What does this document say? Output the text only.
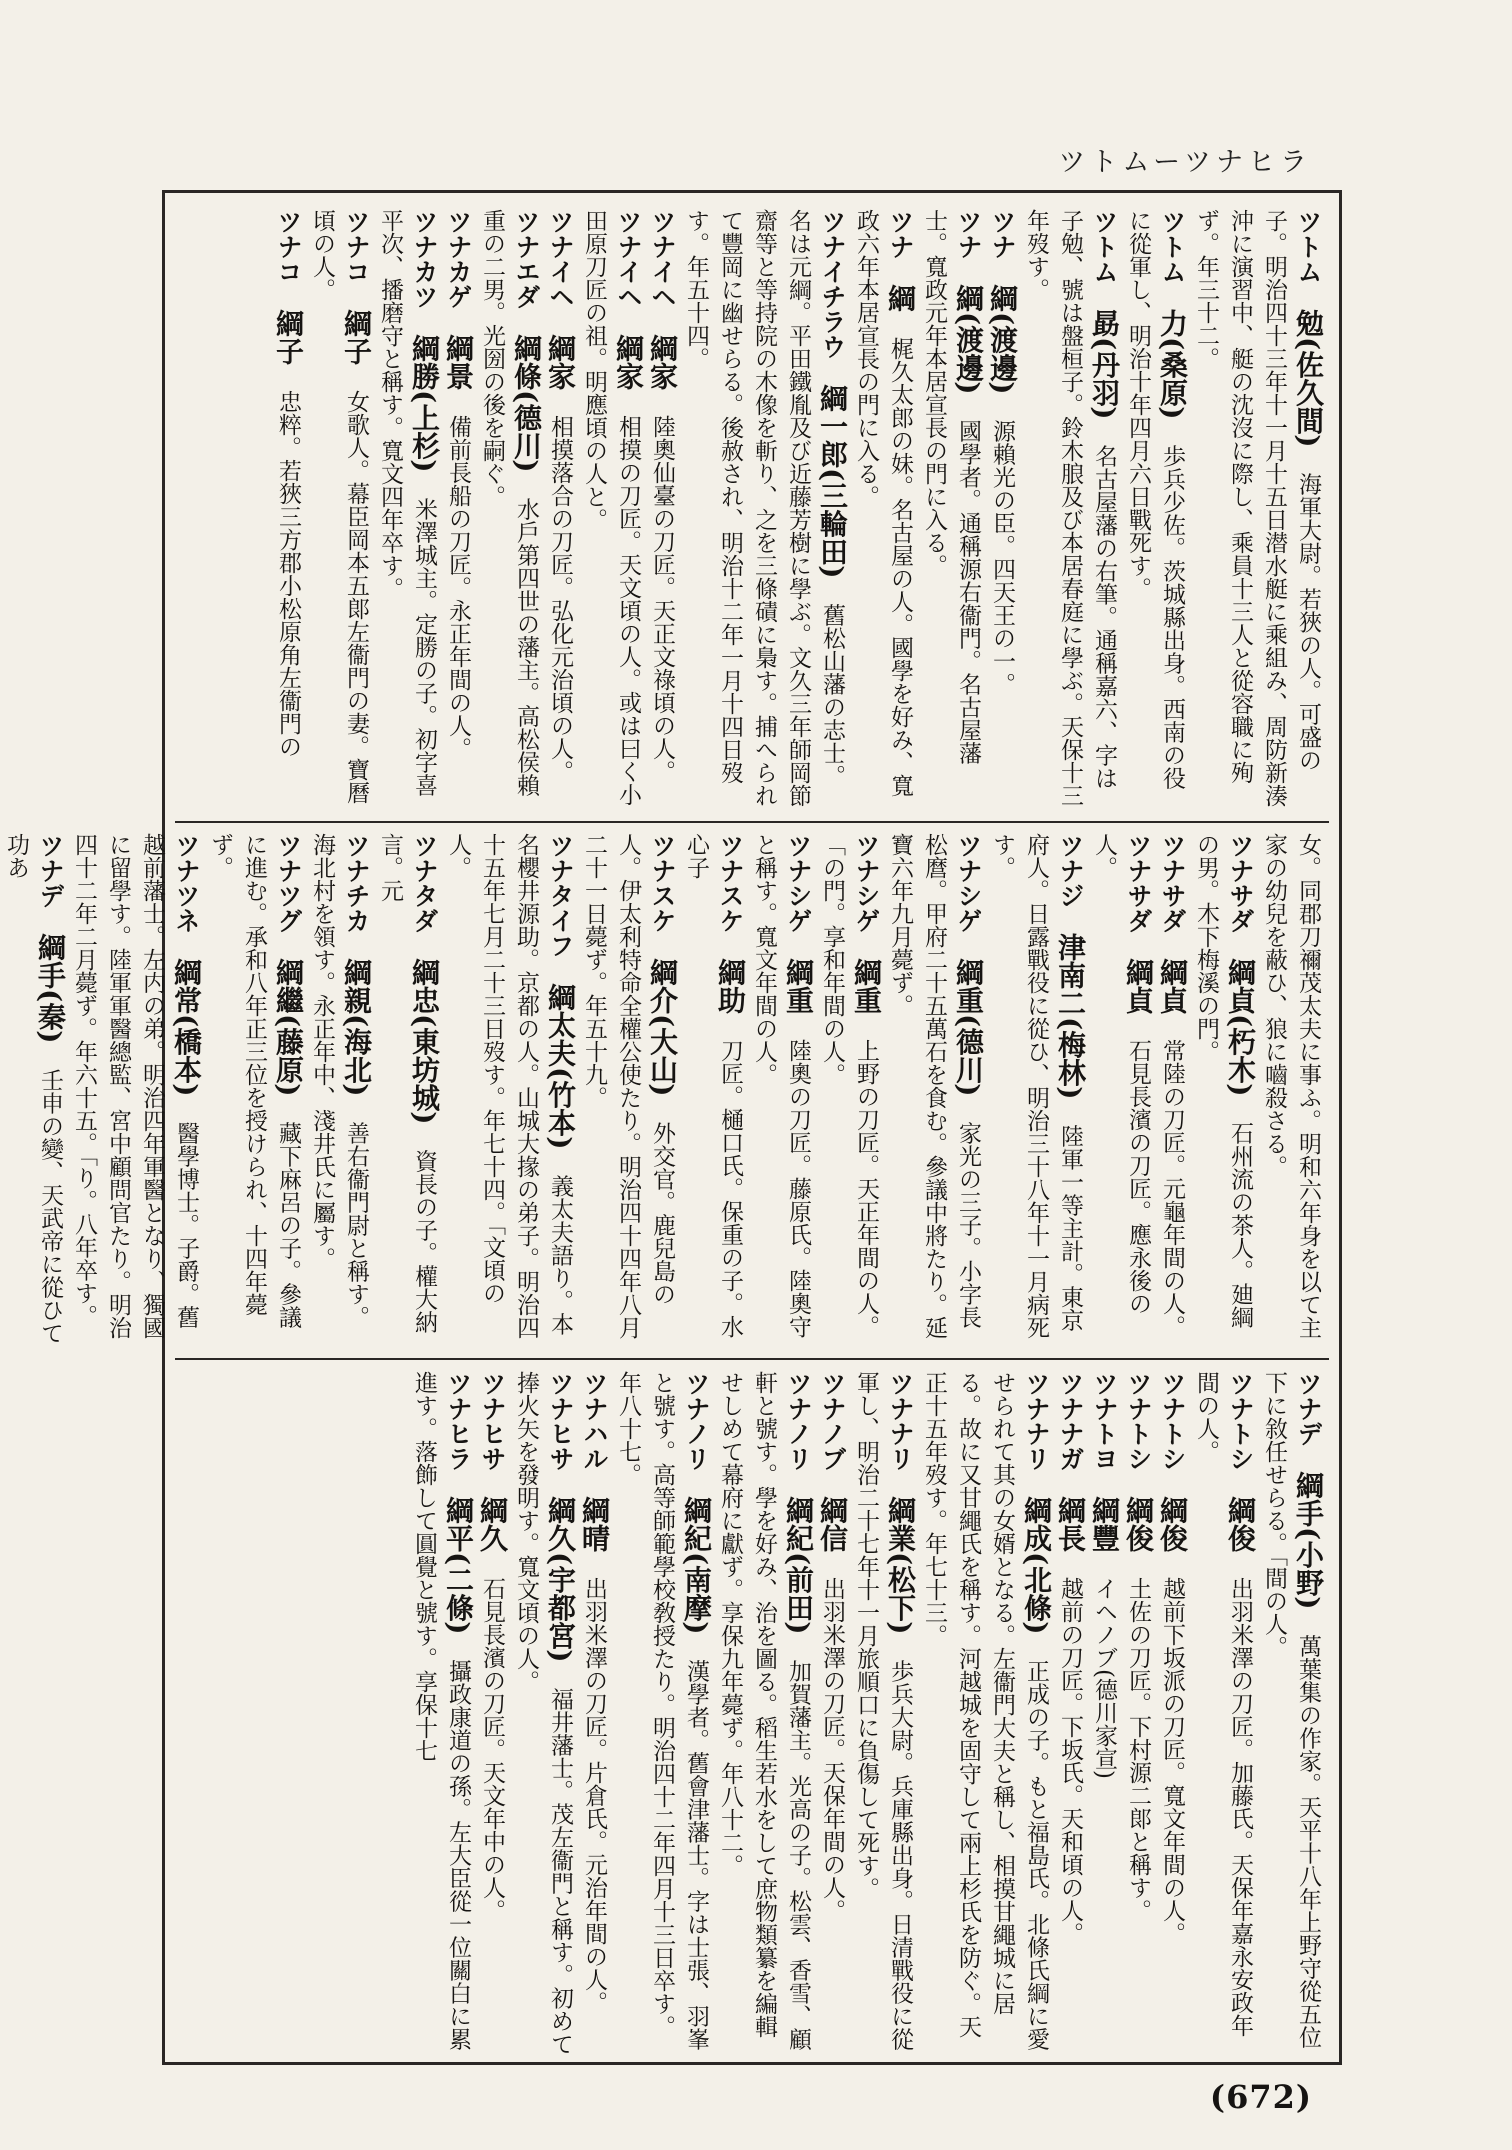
ツトムーツナヒラ

ツトム　勉(佐久間)　海軍大尉。若狹の人。可盛の子。明治四十三年十一月十五日潜水艇に乘組み、周防新湊沖に演習中、艇の沈沒に際し、乘員十三人と從容職に殉ず。年三十二。

ツトム　力(桑原)　歩兵少佐。茨城縣出身。西南の役に從軍し、明治十年四月六日戰死す。

ツトム　勗(丹羽)　名古屋藩の右筆。通稱嘉六、字は子勉、號は盤桓子。鈴木朖及び本居春庭に學ぶ。天保十三年歿す。

ツナ　綱(渡邊)　源賴光の臣。四天王の一。

ツナ　綱(渡邊)　國學者。通稱源右衞門。名古屋藩士。寬政元年本居宣長の門に入る。

ツナ　綱　梶久太郎の妹。名古屋の人。國學を好み、寬政六年本居宣長の門に入る。

ツナイチラウ　綱一郎(三輪田)　舊松山藩の志士。名は元綱。平田鐵胤及び近藤芳樹に學ぶ。文久三年師岡節齋等と等持院の木像を斬り、之を三條磧に梟す。捕へられて豐岡に幽せらる。後赦され、明治十二年一月十四日歿す。年五十四。

ツナイヘ　綱家　陸奧仙臺の刀匠。天正文祿頃の人。

ツナイヘ　綱家　相摸の刀匠。天文頃の人。或は曰く小田原刀匠の祖。明應頃の人と。

ツナイヘ　綱家　相摸落合の刀匠。弘化元治頃の人。

ツナエダ　綱條(德川)　水戶第四世の藩主。高松侯賴重の二男。光圀の後を嗣ぐ。

ツナカゲ　綱景　備前長船の刀匠。永正年間の人。

ツナカツ　綱勝(上杉)　米澤城主。定勝の子。初字喜平次、播磨守と稱す。寬文四年卒す。

ツナコ　綱子　女歌人。幕臣岡本五郞左衞門の妻。寶曆頃の人。

ツナコ　綱子　忠粹。若狹三方郡小松原角左衞門の

女。同郡刀禰茂太夫に事ふ。明和六年身を以て主家の幼兒を蔽ひ、狼に嚙殺さる。

ツナサダ　綱貞(朽木)　石州流の茶人。廸綱の男。木下梅溪の門。

ツナサダ　綱貞　常陸の刀匠。元龜年間の人。

ツナサダ　綱貞　石見長濱の刀匠。應永後の人。

ツナジ　津南二(梅林)　陸軍一等主計。東京府人。日露戰役に從ひ、明治三十八年十一月病死す。

ツナシゲ　綱重(德川)　家光の三子。小字長松麿。甲府二十五萬石を食む。參議中將たり。延寶六年九月薨ず。

ツナシゲ　綱重　上野の刀匠。天正年間の人。「の門。享和年間の人。

ツナシゲ　綱重　陸奧の刀匠。藤原氏。陸奧守と稱す。寬文年間の人。

ツナスケ　綱助　刀匠。樋口氏。保重の子。水心子

ツナスケ　綱介(大山)　外交官。鹿兒島の人。伊太利特命全權公使たり。明治四十四年八月二十一日薨ず。年五十九。

ツナタイフ　綱太夫(竹本)　義太夫語り。本名櫻井源助。京都の人。山城大掾の弟子。明治四十五年七月二十三日歿す。年七十四。「文頃の人。

ツナタダ　綱忠(東坊城)　資長の子。權大納言。元

ツナチカ　綱親(海北)　善右衞門尉と稱す。海北村を領す。永正年中、淺井氏に屬す。

ツナツグ　綱繼(藤原)　藏下麻呂の子。參議に進む。承和八年正三位を授けられ、十四年薨ず。

ツナツネ　綱常(橋本)　醫學博士。子爵。舊越前藩士。左内の弟。明治四年軍醫となり、獨國に留學す。陸軍軍醫總監、宮中顧問官たり。明治四十二年二月薨ず。年六十五。「り。八年卒す。

ツナデ　綱手(秦)　壬申の變、天武帝に從ひて功あ

ツナデ　綱手(小野)　萬葉集の作家。天平十八年上野守從五位下に敘任せらる。「間の人。

ツナトシ　綱俊　出羽米澤の刀匠。加藤氏。天保年嘉永安政年間の人。

ツナトシ　綱俊　越前下坂派の刀匠。寬文年間の人。

ツナトシ　綱俊　土佐の刀匠。下村源二郞と稱す。

ツナトヨ　綱豐　イヘノブ(德川家宣)

ツナナガ　綱長　越前の刀匠。下坂氏。天和頃の人。

ツナナリ　綱成(北條)　正成の子。もと福島氏。北條氏綱に愛せられて其の女婿となる。左衞門大夫と稱し、相摸甘繩城に居る。故に又甘繩氏を稱す。河越城を固守して兩上杉氏を防ぐ。天正十五年歿す。年七十三。

ツナナリ　綱業(松下)　歩兵大尉。兵庫縣出身。日清戰役に從軍し、明治二十七年十一月旅順口に負傷して死す。

ツナノブ　綱信　出羽米澤の刀匠。天保年間の人。

ツナノリ　綱紀(前田)　加賀藩主。光高の子。松雲、香雪、顧軒と號す。學を好み、治を圖る。稻生若水をして庶物類纂を編輯せしめて幕府に獻ず。享保九年薨ず。年八十二。

ツナノリ　綱紀(南摩)　漢學者。舊會津藩士。字は士張、羽峯と號す。高等師範學校敎授たり。明治四十二年四月十三日卒す。年八十七。

ツナハル　綱晴　出羽米澤の刀匠。片倉氏。元治年間の人。

ツナヒサ　綱久(宇都宮)　福井藩士。茂左衞門と稱す。初めて捧火矢を發明す。寬文頃の人。

ツナヒサ　綱久　石見長濱の刀匠。天文年中の人。

ツナヒラ　綱平(二條)　攝政康道の孫。左大臣從一位關白に累進す。落飾して圓覺と號す。享保十七

(672)
